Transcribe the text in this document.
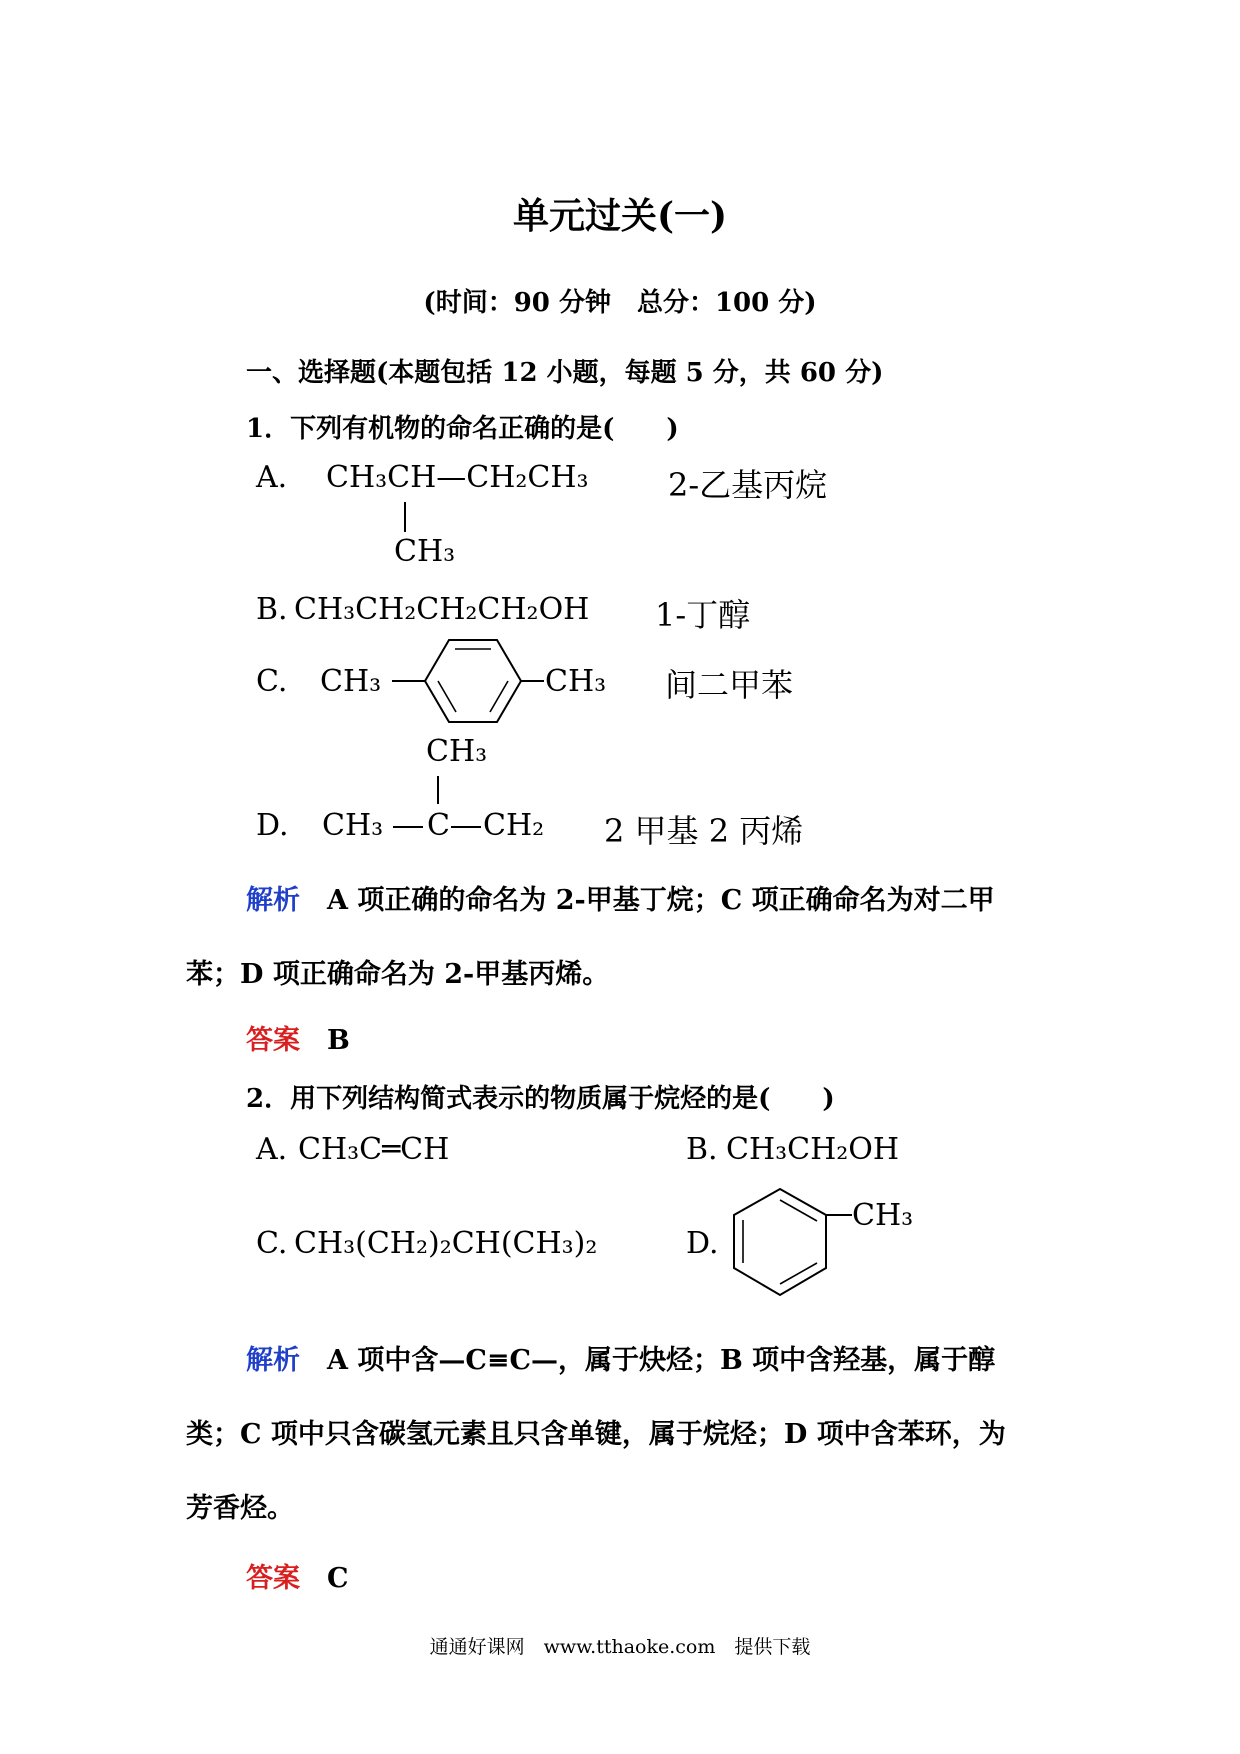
单元过关(一)
(时间：90 分钟　总分：100 分)
一、选择题(本题包括 12 小题，每题 5 分，共 60 分)
1．下列有机物的命名正确的是(　　)
A. CH₃CH—CH₂CH₃
CH₃
2-乙基丙烷
B. CH₃CH₂CH₂CH₂OH 1-丁醇
C. CH₃	CH₃ 间二甲苯
CH₃
D. CH₃ C CH₂ 2 甲基 2 丙烯
解析　 A 项正确的命名为 2-甲基丁烷；C 项正确命名为对二甲
苯；D 项正确命名为 2-甲基丙烯。
答案　 B
2．用下列结构简式表示的物质属于烷烃的是(　　)
A. CH₃C═CH	B. CH₃CH₂OH
C. CH₃(CH₂)₂CH(CH₃)₂	D.
CH₃
解析　 A 项中含—C≡C—，属于炔烃；B 项中含羟基，属于醇
类；C 项中只含碳氢元素且只含单键，属于烷烃；D 项中含苯环，为
芳香烃。
答案　 C
通通好课网　www.tthaoke.com　提供下载
